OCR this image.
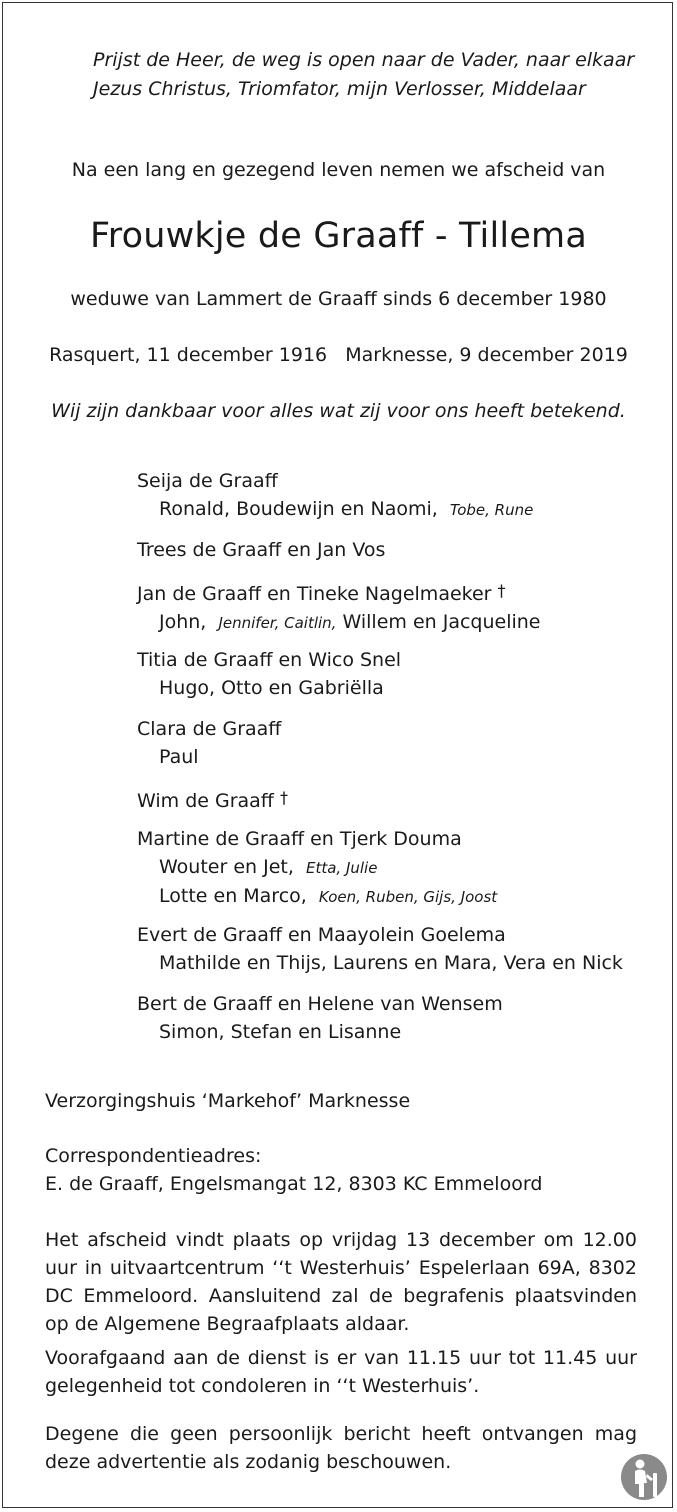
Prijst de Heer, de weg is open naar de Vader, naar elkaar
Jezus Christus, Triomfator, mijn Verlosser, Middelaar
Na een lang en gezegend leven nemen we afscheid van
Frouwkje de Graaff - Tillema
weduwe van Lammert de Graaff sinds 6 december 1980
Rasquert, 11 december 1916 Marknesse, 9 december 2019
Wij zijn dankbaar voor alles wat zij voor ons heeft betekend.
Seija de Graaff
Ronald, Boudewijn en Naomi, Tobe, Rune
Trees de Graaff en Jan Vos
Jan de Graaff en Tineke Nagelmaeker †
John, Jennifer, Caitlin, Willem en Jacqueline
Titia de Graaff en Wico Snel
Hugo, Otto en Gabriëlla
Clara de Graaff
Paul
Wim de Graaff †
Martine de Graaff en Tjerk Douma
Wouter en Jet, Etta, Julie
Lotte en Marco, Koen, Ruben, Gijs, Joost
Evert de Graaff en Maayolein Goelema
Mathilde en Thijs, Laurens en Mara, Vera en Nick
Bert de Graaff en Helene van Wensem
Simon, Stefan en Lisanne
Verzorgingshuis ‘Markehof’ Marknesse
Correspondentieadres:
E. de Graaff, Engelsmangat 12, 8303 KC Emmeloord
Het afscheid vindt plaats op vrijdag 13 december om 12.00 uur in uitvaartcentrum ‘‘t Westerhuis’ Espelerlaan 69A, 8302 DC Emmeloord. Aansluitend zal de begrafenis plaatsvinden op de Algemene Begraafplaats aldaar.
Voorafgaand aan de dienst is er van 11.15 uur tot 11.45 uur gelegenheid tot condoleren in ‘‘t Westerhuis’.
Degene die geen persoonlijk bericht heeft ontvangen mag deze advertentie als zodanig beschouwen.
